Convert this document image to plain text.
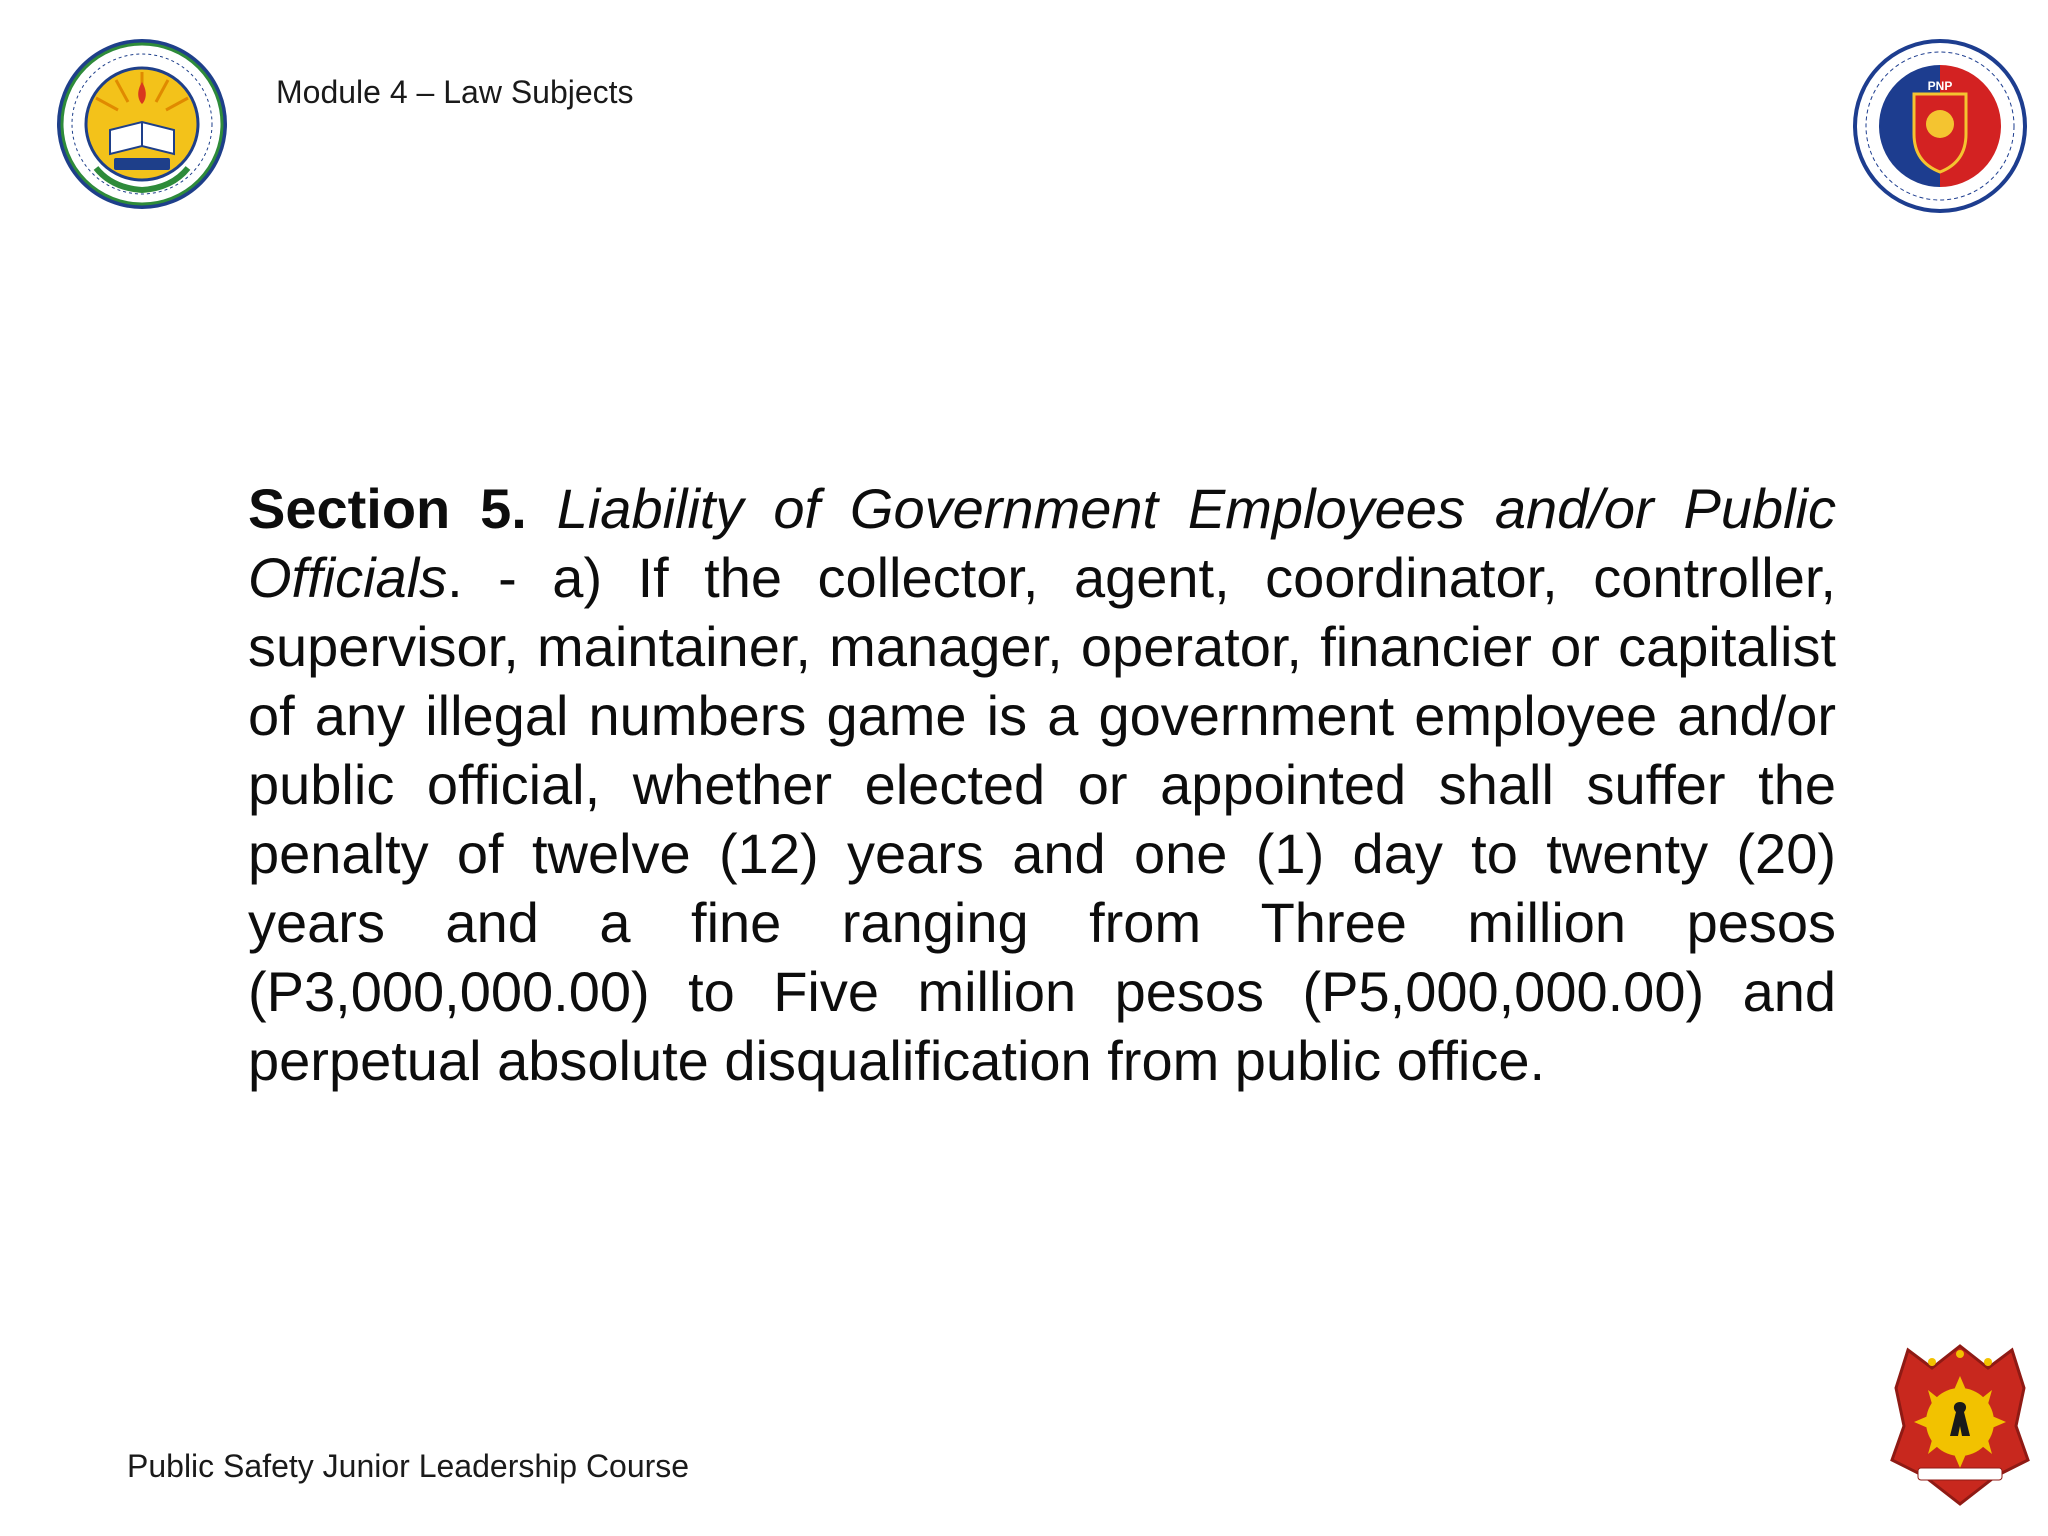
Module 4 – Law Subjects	PNP
Section 5. Liability of Government Employees and/or Public Officials. - a) If the collector, agent, coordinator, controller, supervisor, maintainer, manager, operator, financier or capitalist of any illegal numbers game is a government employee and/or public official, whether elected or appointed shall suffer the penalty of twelve (12) years and one (1) day to twenty (20) years and a fine ranging from Three million pesos (P3,000,000.00) to Five million pesos (P5,000,000.00) and perpetual absolute disqualification from public office.
Public Safety Junior Leadership Course
